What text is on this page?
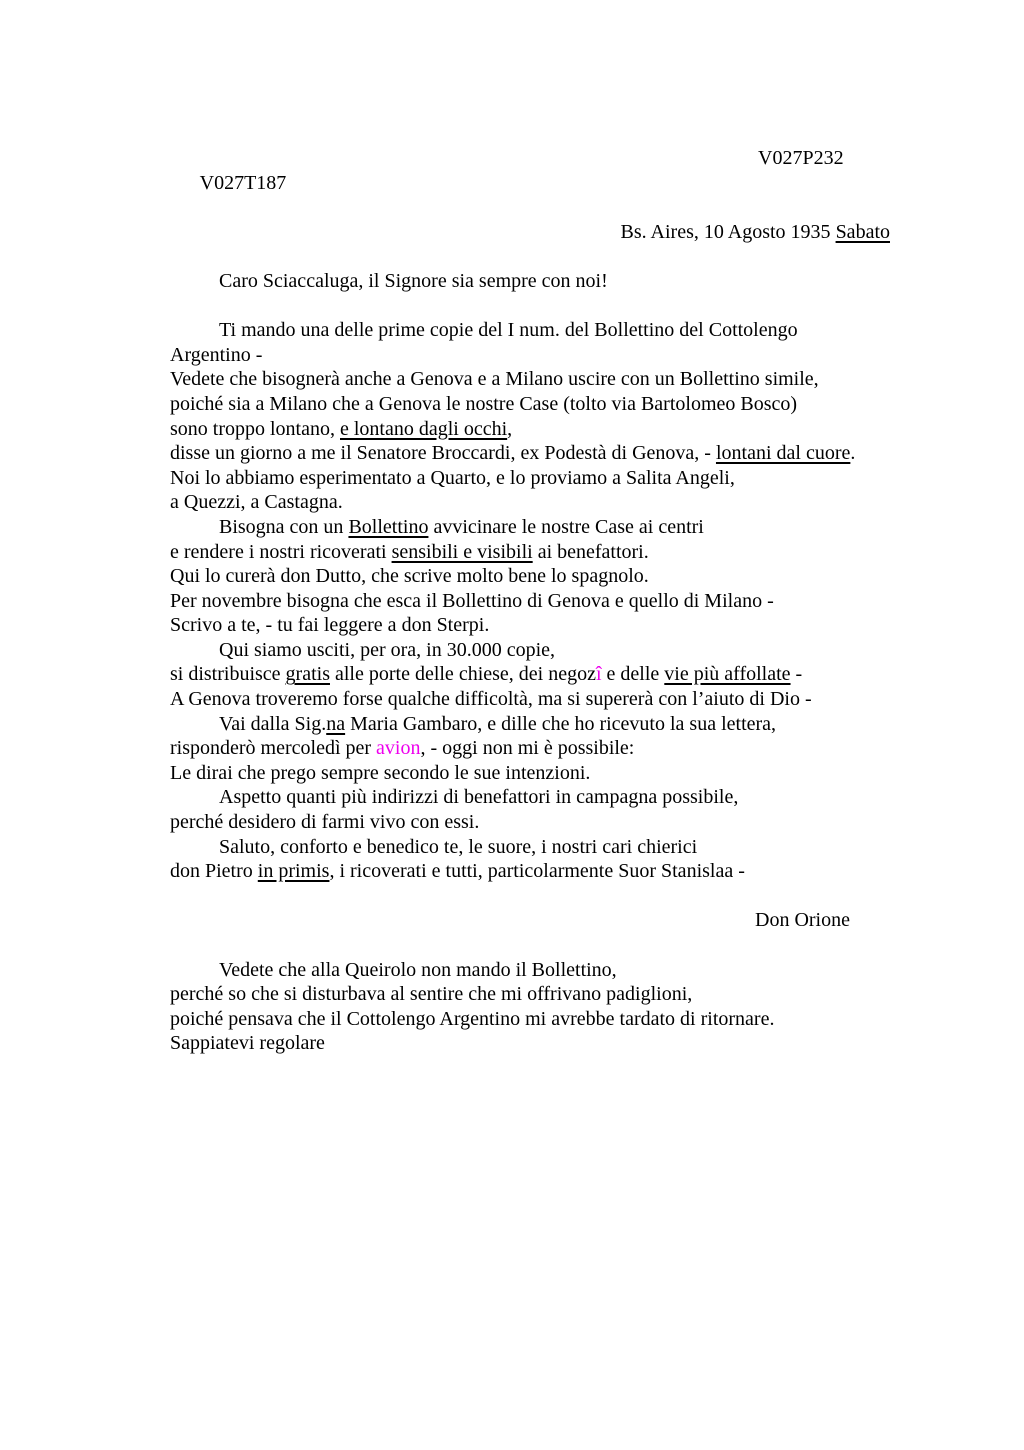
V027T187

V027P232

Bs. Aires, 10 Agosto 1935 Sabato
Caro Sciaccaluga, il Signore sia sempre con noi!
Ti mando una delle prime copie del I num. del Bollettino del Cottolengo
Argentino -
Vedete che bisognerà anche a Genova e a Milano uscire con un Bollettino simile,
poiché sia a Milano che a Genova le nostre Case (tolto via Bartolomeo Bosco)
sono troppo lontano, e lontano dagli occhi,
disse un giorno a me il Senatore Broccardi, ex Podestà di Genova, - lontani dal cuore.
Noi lo abbiamo esperimentato a Quarto, e lo proviamo a Salita Angeli,
a Quezzi, a Castagna.
Bisogna con un Bollettino avvicinare le nostre Case ai centri
e rendere i nostri ricoverati sensibili e visibili ai benefattori.
Qui lo curerà don Dutto, che scrive molto bene lo spagnolo.
Per novembre bisogna che esca il Bollettino di Genova e quello di Milano -
Scrivo a te, - tu fai leggere a don Sterpi.
Qui siamo usciti, per ora, in 30.000 copie,
si distribuisce gratis alle porte delle chiese, dei negozî e delle vie più affollate -
A Genova troveremo forse qualche difficoltà, ma si supererà con l’aiuto di Dio -
Vai dalla Sig.na Maria Gambaro, e dille che ho ricevuto la sua lettera,
risponderò mercoledì per avion, - oggi non mi è possibile:
Le dirai che prego sempre secondo le sue intenzioni.
Aspetto quanti più indirizzi di benefattori in campagna possibile,
perché desidero di farmi vivo con essi.
Saluto, conforto e benedico te, le suore, i nostri cari chierici
don Pietro in primis, i ricoverati e tutti, particolarmente Suor Stanislaa -
Don Orione
Vedete che alla Queirolo non mando il Bollettino,
perché so che si disturbava al sentire che mi offrivano padiglioni,
poiché pensava che il Cottolengo Argentino mi avrebbe tardato di ritornare.
Sappiatevi regolare
